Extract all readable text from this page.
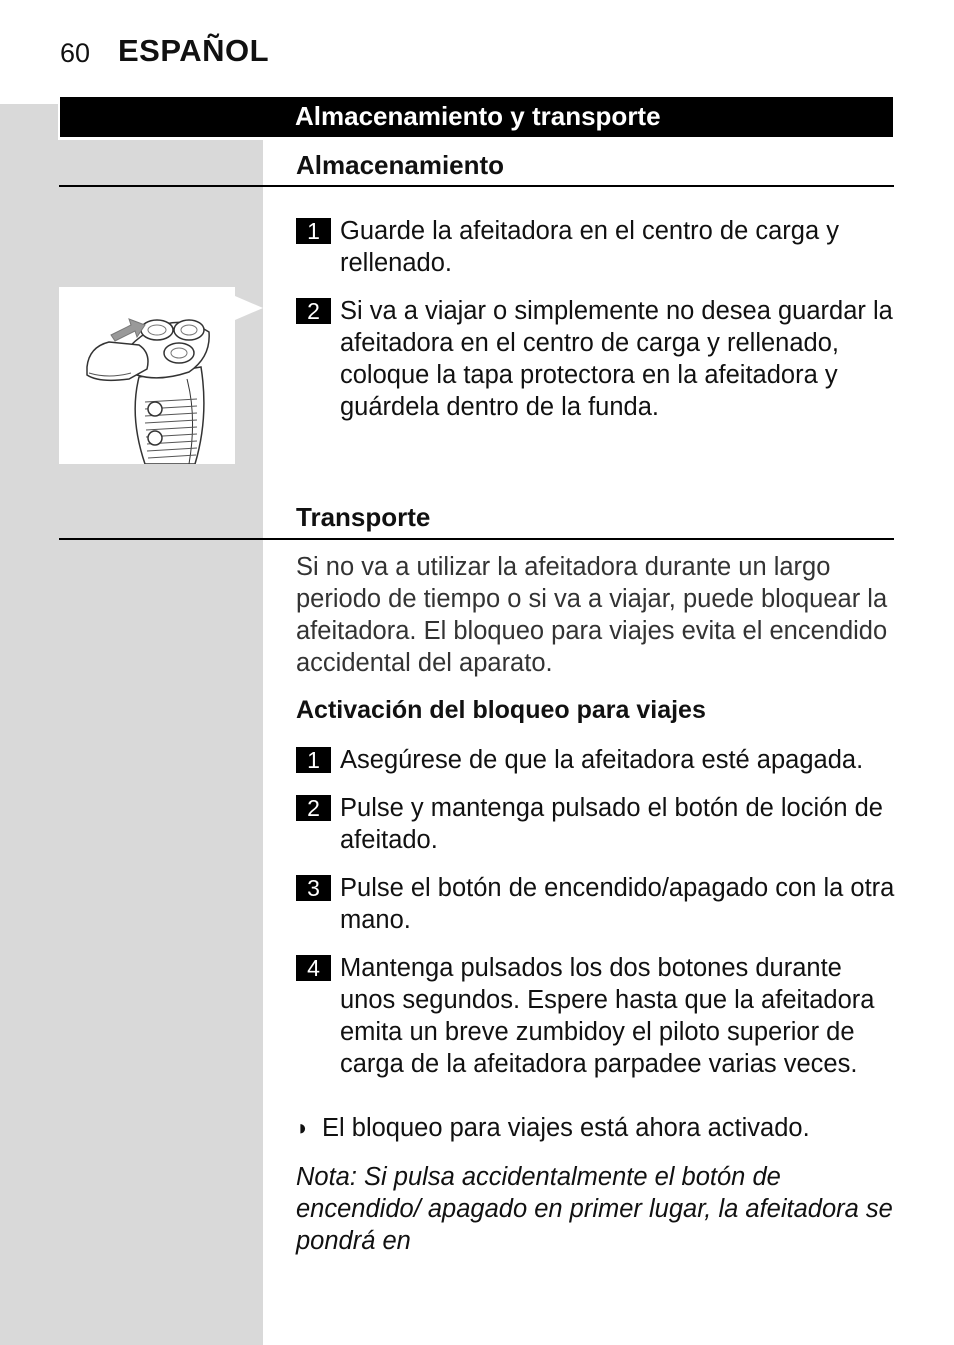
60 ESPAÑOL
Almacenamiento y transporte
Almacenamiento
1 Guarde la afeitadora en el centro de carga y rellenado.
2 Si va a viajar o simplemente no desea guardar la afeitadora en el centro de carga y rellenado, coloque la tapa protectora en la afeitadora y guárdela dentro de la funda.
Transporte
Si no va a utilizar la afeitadora durante un largo periodo de tiempo o si va a viajar, puede bloquear la afeitadora. El bloqueo para viajes evita el encendido accidental del aparato.
Activación del bloqueo para viajes
1 Asegúrese de que la afeitadora esté apagada.
2 Pulse y mantenga pulsado el botón de loción de afeitado.
3 Pulse el botón de encendido/apagado con la otra mano.
4 Mantenga pulsados los dos botones durante unos segundos. Espere hasta que la afeitadora emita un breve zumbidoy el piloto superior de carga de la afeitadora parpadee varias veces.
◗ El bloqueo para viajes está ahora activado.
Nota: Si pulsa accidentalmente el botón de encendido/ apagado en primer lugar, la afeitadora se pondrá en
